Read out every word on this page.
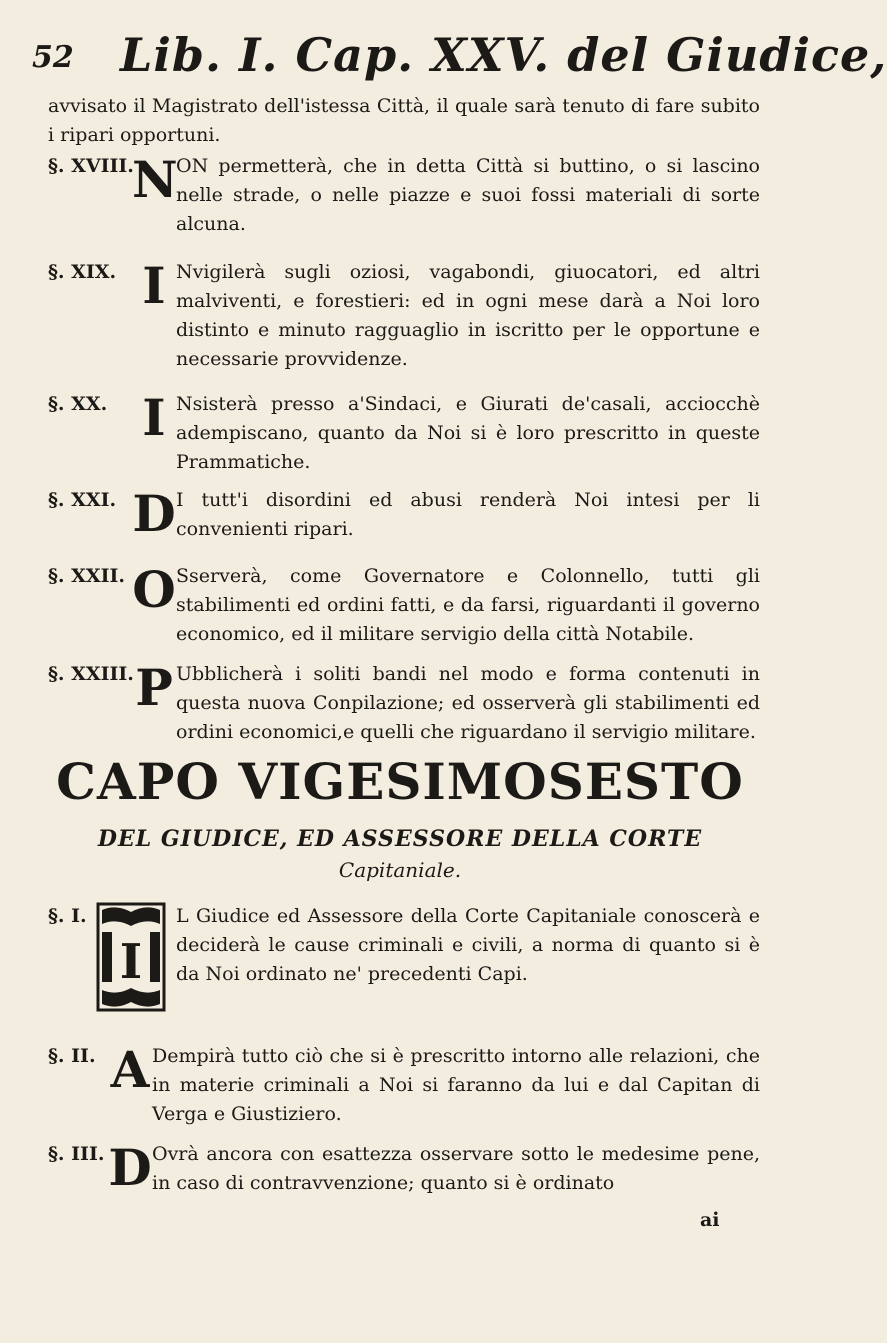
52 Lib. I. Cap. XXV. del Giudice,
avvisato il Magistrato dell'istessa Città, il quale sarà tenuto di fare subito i ripari opportuni.
§. XVIII.
N
ON permetterà, che in detta Città si buttino, o si lascino nelle strade, o nelle piazze e suoi fossi materiali di sorte alcuna.
§. XIX. I Nvigilerà sugli oziosi, vagabondi, giuocatori, ed altri malviventi, e forestieri: ed in ogni mese darà a Noi loro distinto e minuto ragguaglio in iscritto per le opportune e necessarie provvidenze.
§. XX. I Nsisterà presso a'Sindaci, e Giurati de'casali, acciocchè adempiscano, quanto da Noi si è loro prescritto in queste Prammatiche.
§. XXI. D I tutt'i disordini ed abusi renderà Noi intesi per li convenienti ripari.
§. XXII. O Sserverà, come Governatore e Colonnello, tutti gli stabilimenti ed ordini fatti, e da farsi, riguardanti il governo economico, ed il militare servigio della città Notabile.
§. XXIII. P Ubblicherà i soliti bandi nel modo e forma contenuti in questa nuova Conpilazione; ed osserverà gli stabilimenti ed ordini economici,e quelli che riguardano il servigio militare.
CAPO VIGESIMOSESTO
DEL GIUDICE, ED ASSESSORE DELLA CORTE
Capitaniale.
§. I.
I
L Giudice ed Assessore della Corte Capitaniale conoscerà e deciderà le cause criminali e civili, a norma di quanto si è da Noi ordinato ne' precedenti Capi.
§. II. A Dempirà tutto ciò che si è prescritto intorno alle relazioni, che in materie criminali a Noi si faranno da lui e dal Capitan di Verga e Giustiziero.
§. III. D Ovrà ancora con esattezza osservare sotto le medesime pene, in caso di contravvenzione; quanto si è ordinato
ai
